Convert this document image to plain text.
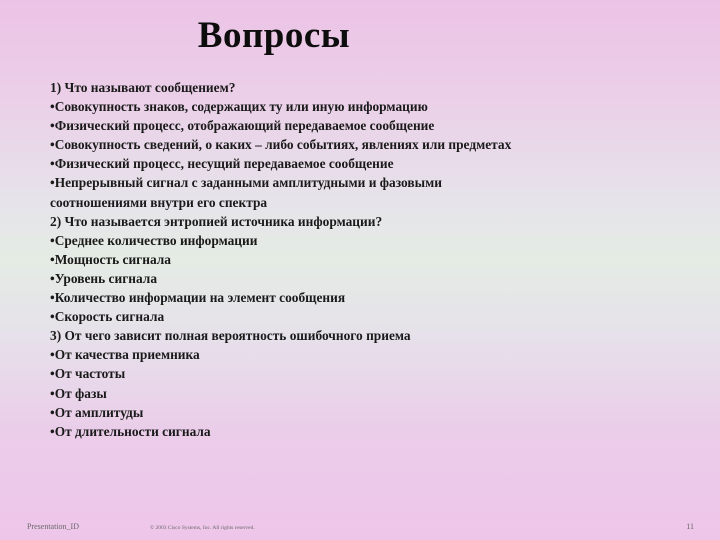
Вопросы
1) Что называют сообщением?
•Совокупность знаков, содержащих ту или иную информацию
•Физический процесс, отображающий передаваемое сообщение
•Совокупность сведений, о каких – либо событиях, явлениях или предметах
•Физический процесс, несущий передаваемое сообщение
•Непрерывный сигнал с заданными амплитудными и фазовыми
соотношениями внутри его спектра
2) Что называется энтропией источника информации?
•Среднее количество информации
•Мощность сигнала
•Уровень сигнала
•Количество информации на элемент сообщения
•Скорость сигнала
3) От чего зависит полная вероятность ошибочного приема
•От качества приемника
•От частоты
•От фазы
•От амплитуды
•От длительности сигнала
Presentation_ID	© 2003 Cisco Systems, Inc. All rights reserved.	11
